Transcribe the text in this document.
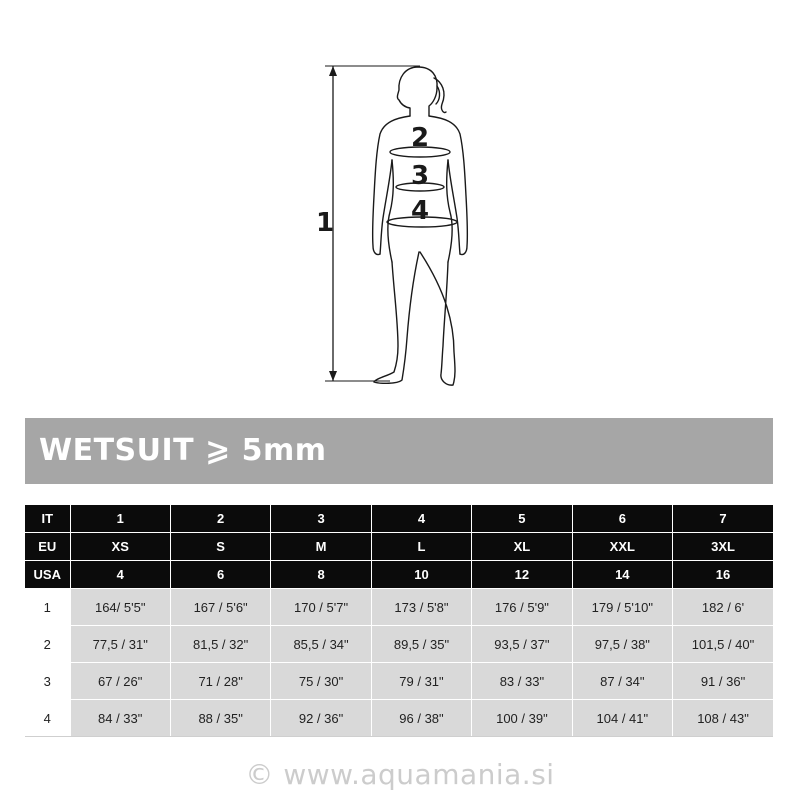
1
2
3
4
WETSUIT ⩾ 5mm
IT	1	2	3	4	5	6	7
EU	XS	S	M	L	XL	XXL	3XL
USA	4	6	8	10	12	14	16
1	164/ 5'5"	167 / 5'6"	170 / 5'7"	173 / 5'8"	176 / 5'9"	179 / 5'10"	182 / 6'
2	77,5 / 31"	81,5 / 32"	85,5 / 34"	89,5 / 35"	93,5 / 37"	97,5 / 38"	101,5 / 40"
3	67 / 26"	71 / 28"	75 / 30"	79 / 31"	83 / 33"	87 / 34"	91 / 36"
4	84 / 33"	88 / 35"	92 / 36"	96 / 38"	100 / 39"	104 / 41"	108 / 43"
© www.aquamania.si
